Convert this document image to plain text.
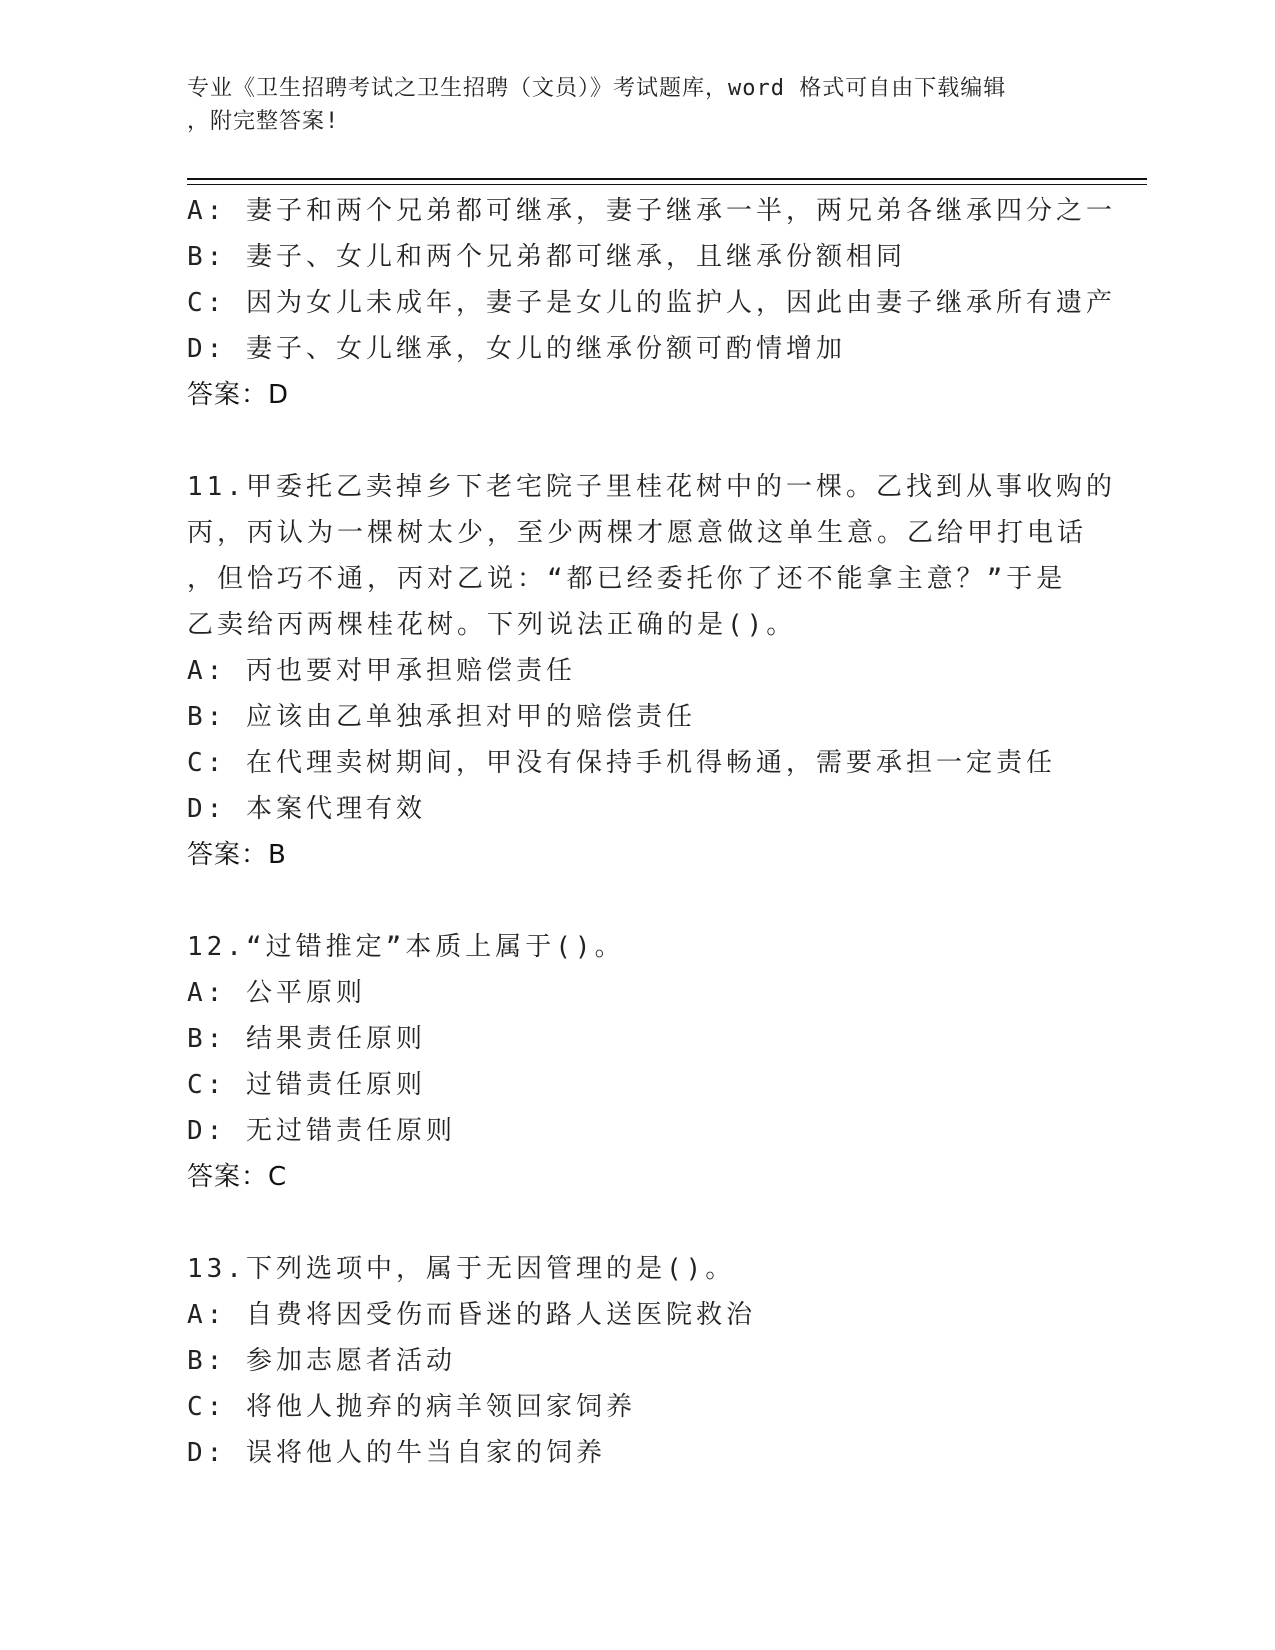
专业《卫生招聘考试之卫生招聘（文员）》考试题库，word 格式可自由下载编辑
，附完整答案!
A: 妻子和两个兄弟都可继承，妻子继承一半，两兄弟各继承四分之一
B: 妻子、女儿和两个兄弟都可继承，且继承份额相同
C: 因为女儿未成年，妻子是女儿的监护人，因此由妻子继承所有遗产
D: 妻子、女儿继承，女儿的继承份额可酌情增加
答案：D
11.甲委托乙卖掉乡下老宅院子里桂花树中的一棵。乙找到从事收购的
丙，丙认为一棵树太少，至少两棵才愿意做这单生意。乙给甲打电话
，但恰巧不通，丙对乙说：“都已经委托你了还不能拿主意？”于是
乙卖给丙两棵桂花树。下列说法正确的是()。
A: 丙也要对甲承担赔偿责任
B: 应该由乙单独承担对甲的赔偿责任
C: 在代理卖树期间，甲没有保持手机得畅通，需要承担一定责任
D: 本案代理有效
答案：B
12.“过错推定”本质上属于()。
A: 公平原则
B: 结果责任原则
C: 过错责任原则
D: 无过错责任原则
答案：C
13.下列选项中，属于无因管理的是()。
A: 自费将因受伤而昏迷的路人送医院救治
B: 参加志愿者活动
C: 将他人抛弃的病羊领回家饲养
D: 误将他人的牛当自家的饲养
